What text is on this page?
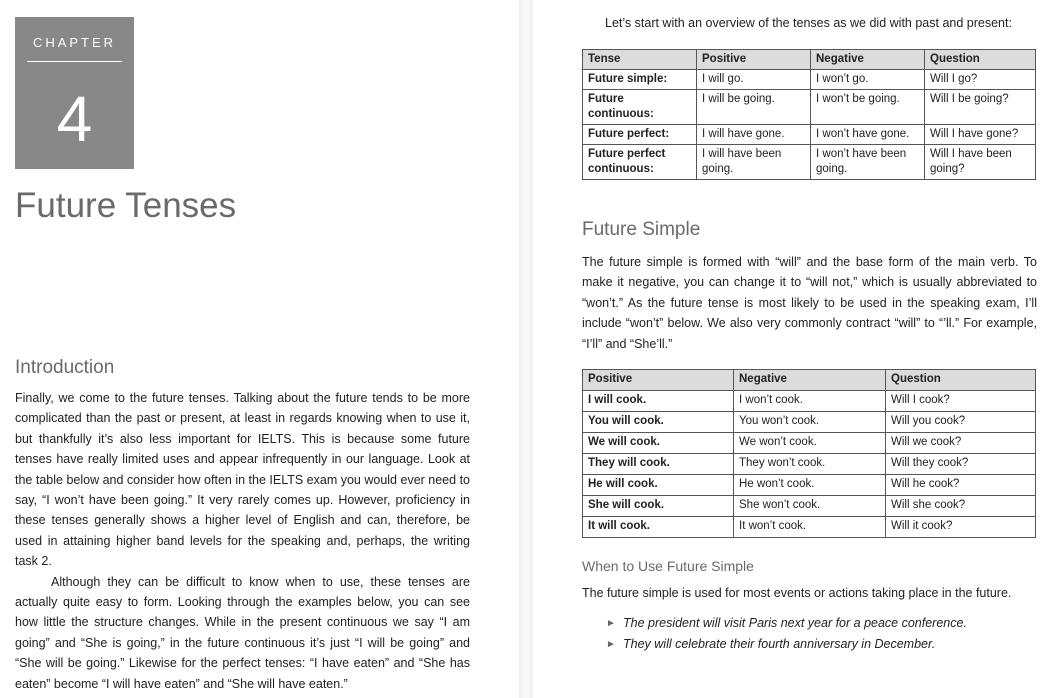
CHAPTER
4
Future Tenses
Introduction

Finally, we come to the future tenses. Talking about the future tends to be more complicated than the past or present, at least in regards knowing when to use it, but thankfully it’s also less important for IELTS. This is because some future tenses have really limited uses and appear infrequently in our language. Look at the table below and consider how often in the IELTS exam you would ever need to say, “I won’t have been going.” It very rarely comes up. However, proficiency in these tenses generally shows a higher level of English and can, therefore, be used in attaining higher band levels for the speaking and, perhaps, the writing task 2.

Although they can be difficult to know when to use, these tenses are actually quite easy to form. Looking through the examples below, you can see how little the structure changes. While in the present continuous we say “I am going” and “She is going,” in the future continuous it’s just “I will be going” and “She will be going.” Likewise for the perfect tenses: “I have eaten” and “She has eaten” become “I will have eaten” and “She will have eaten.”

Let’s start with an overview of the tenses as we did with past and present:
Tense	Positive	Negative	Question
Future simple:	I will go.	I won’t go.	Will I go?
Future continuous:	I will be going.	I won’t be going.	Will I be going?
Future perfect:	I will have gone.	I won’t have gone.	Will I have gone?
Future perfect continuous:	I will have been going.	I won’t have been going.	Will I have been going?
Future Simple
The future simple is formed with “will” and the base form of the main verb. To make it negative, you can change it to “will not,” which is usually abbreviated to “won’t.” As the future tense is most likely to be used in the speaking exam, I’ll include “won’t” below. We also very commonly contract “will” to “’ll.” For example, “I’ll” and “She’ll.”
Positive	Negative	Question
I will cook.	I won’t cook.	Will I cook?
You will cook.	You won’t cook.	Will you cook?
We will cook.	We won’t cook.	Will we cook?
They will cook.	They won’t cook.	Will they cook?
He will cook.	He won’t cook.	Will he cook?
She will cook.	She won’t cook.	Will she cook?
It will cook.	It won’t cook.	Will it cook?
When to Use Future Simple
The future simple is used for most events or actions taking place in the future.
► The president will visit Paris next year for a peace conference.
► They will celebrate their fourth anniversary in December.
